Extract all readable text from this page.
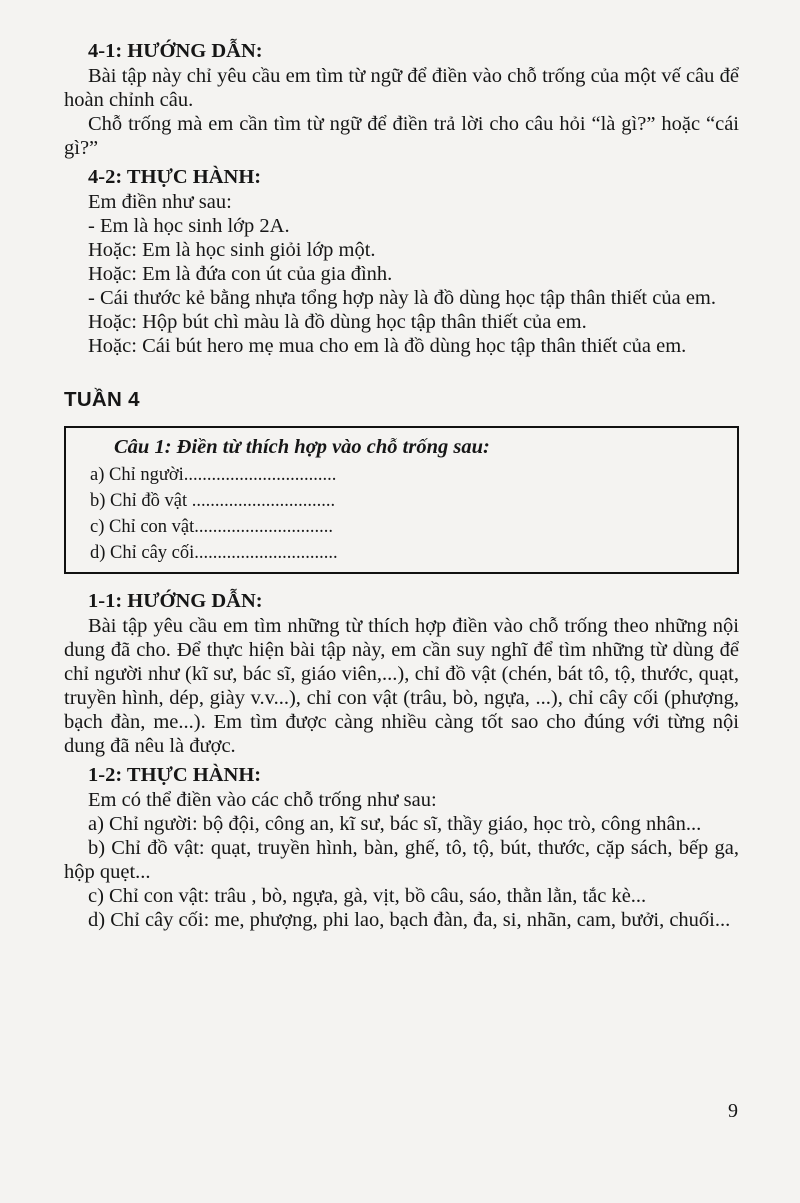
4-1: HƯỚNG DẪN:

Bài tập này chỉ yêu cầu em tìm từ ngữ để điền vào chỗ trống của một vế câu để hoàn chỉnh câu.

Chỗ trống mà em cần tìm từ ngữ để điền trả lời cho câu hỏi “là gì?” hoặc “cái gì?”

4-2: THỰC HÀNH:

Em điền như sau:

- Em là học sinh lớp 2A.

Hoặc: Em là học sinh giỏi lớp một.

Hoặc: Em là đứa con út của gia đình.

- Cái thước kẻ bằng nhựa tổng hợp này là đồ dùng học tập thân thiết của em.

Hoặc: Hộp bút chì màu là đồ dùng học tập thân thiết của em.

Hoặc: Cái bút hero mẹ mua cho em là đồ dùng học tập thân thiết của em.

TUẦN 4

Câu 1: Điền từ thích hợp vào chỗ trống sau:

a) Chỉ người.................................

b) Chỉ đồ vật ...............................

c) Chỉ con vật..............................

d) Chỉ cây cối...............................

1-1: HƯỚNG DẪN:

Bài tập yêu cầu em tìm những từ thích hợp điền vào chỗ trống theo những nội dung đã cho. Để thực hiện bài tập này, em cần suy nghĩ để tìm những từ dùng để chỉ người như (kĩ sư, bác sĩ, giáo viên,...), chỉ đồ vật (chén, bát tô, tộ, thước, quạt, truyền hình, dép, giày v.v...), chỉ con vật (trâu, bò, ngựa, ...), chỉ cây cối (phượng, bạch đàn, me...). Em tìm được càng nhiều càng tốt sao cho đúng với từng nội dung đã nêu là được.

1-2: THỰC HÀNH:

Em có thể điền vào các chỗ trống như sau:

a) Chỉ người: bộ đội, công an, kĩ sư, bác sĩ, thầy giáo, học trò, công nhân...

b) Chỉ đồ vật: quạt, truyền hình, bàn, ghế, tô, tộ, bút, thước, cặp sách, bếp ga, hộp quẹt...

c) Chỉ con vật: trâu , bò, ngựa, gà, vịt, bồ câu, sáo, thằn lằn, tắc kè...

d) Chỉ cây cối: me, phượng, phi lao, bạch đàn, đa, si, nhãn, cam, bưởi, chuối...

9
